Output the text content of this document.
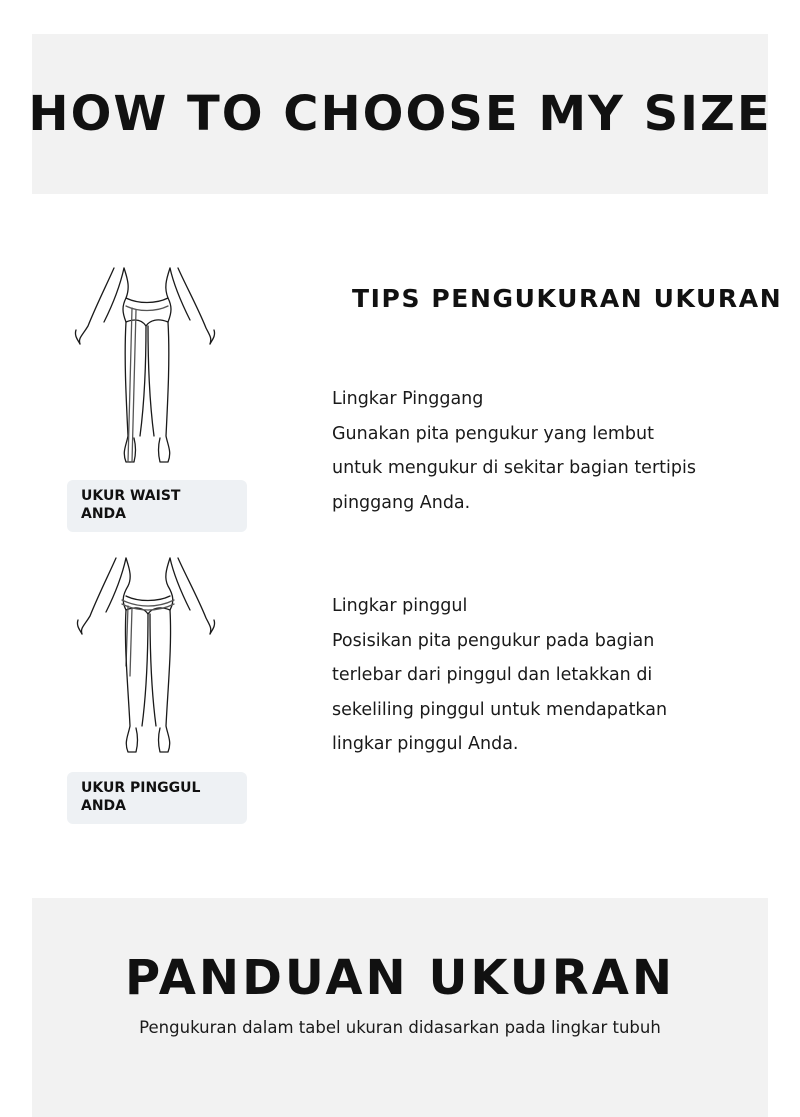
HOW TO CHOOSE MY SIZE
UKUR WAIST
ANDA
UKUR PINGGUL
ANDA
TIPS PENGUKURAN UKURAN

Lingkar Pinggang

Gunakan pita pengukur yang lembut

untuk mengukur di sekitar bagian tertipis

pinggang Anda.

Lingkar pinggul

Posisikan pita pengukur pada bagian

terlebar dari pinggul dan letakkan di

sekeliling pinggul untuk mendapatkan

lingkar pinggul Anda.

PANDUAN UKURAN
Pengukuran dalam tabel ukuran didasarkan pada lingkar tubuh
